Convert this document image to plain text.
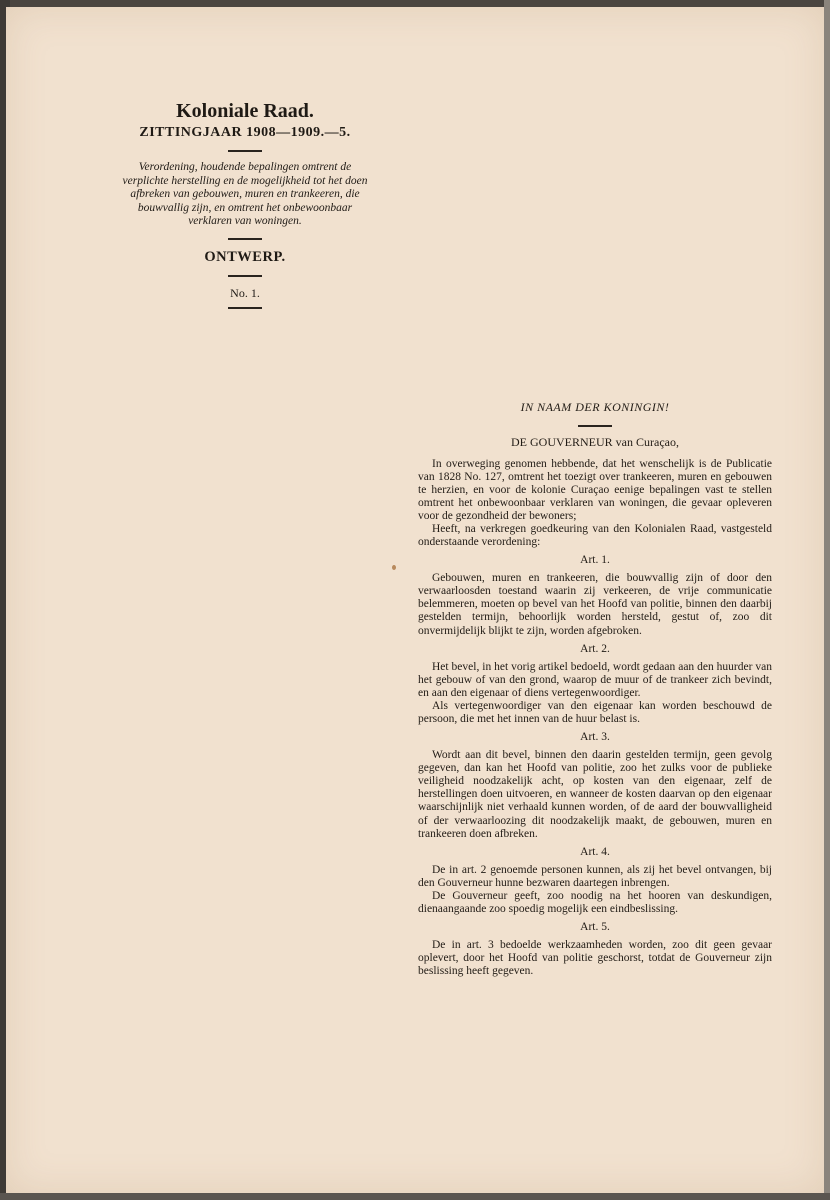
Koloniale Raad.
ZITTINGJAAR 1908—1909.—5.
Verordening, houdende bepalingen omtrent de verplichte herstelling en de mogelijkheid tot het doen afbreken van gebouwen, muren en trankeeren, die bouwvallig zijn, en omtrent het onbewoonbaar verklaren van woningen.
ONTWERP.
No. 1.
IN NAAM DER KONINGIN!
DE GOUVERNEUR van Curaçao,

In overweging genomen hebbende, dat het wenschelijk is de Publicatie van 1828 No. 127, omtrent het toezigt over trankeeren, muren en gebouwen te herzien, en voor de kolonie Curaçao eenige bepalingen vast te stellen omtrent het onbewoonbaar verklaren van woningen, die gevaar opleveren voor de gezondheid der bewoners;

Heeft, na verkregen goedkeuring van den Kolonialen Raad, vastgesteld onderstaande verordening:

Art. 1.

Gebouwen, muren en trankeeren, die bouwvallig zijn of door den verwaarloosden toestand waarin zij verkeeren, de vrije communicatie belemmeren, moeten op bevel van het Hoofd van politie, binnen den daarbij gestelden termijn, behoorlijk worden hersteld, gestut of, zoo dit onvermijdelijk blijkt te zijn, worden afgebroken.

Art. 2.

Het bevel, in het vorig artikel bedoeld, wordt gedaan aan den huurder van het gebouw of van den grond, waarop de muur of de trankeer zich bevindt, en aan den eigenaar of diens vertegenwoordiger.

Als vertegenwoordiger van den eigenaar kan worden beschouwd de persoon, die met het innen van de huur belast is.

Art. 3.

Wordt aan dit bevel, binnen den daarin gestelden termijn, geen gevolg gegeven, dan kan het Hoofd van politie, zoo het zulks voor de publieke veiligheid noodzakelijk acht, op kosten van den eigenaar, zelf de herstellingen doen uitvoeren, en wanneer de kosten daarvan op den eigenaar waarschijnlijk niet verhaald kunnen worden, of de aard der bouwvalligheid of der verwaarloozing dit noodzakelijk maakt, de gebouwen, muren en trankeeren doen afbreken.

Art. 4.

De in art. 2 genoemde personen kunnen, als zij het bevel ontvangen, bij den Gouverneur hunne bezwaren daartegen inbrengen.

De Gouverneur geeft, zoo noodig na het hooren van deskundigen, dienaangaande zoo spoedig mogelijk een eindbeslissing.

Art. 5.

De in art. 3 bedoelde werkzaamheden worden, zoo dit geen gevaar oplevert, door het Hoofd van politie geschorst, totdat de Gouverneur zijn beslissing heeft gegeven.
